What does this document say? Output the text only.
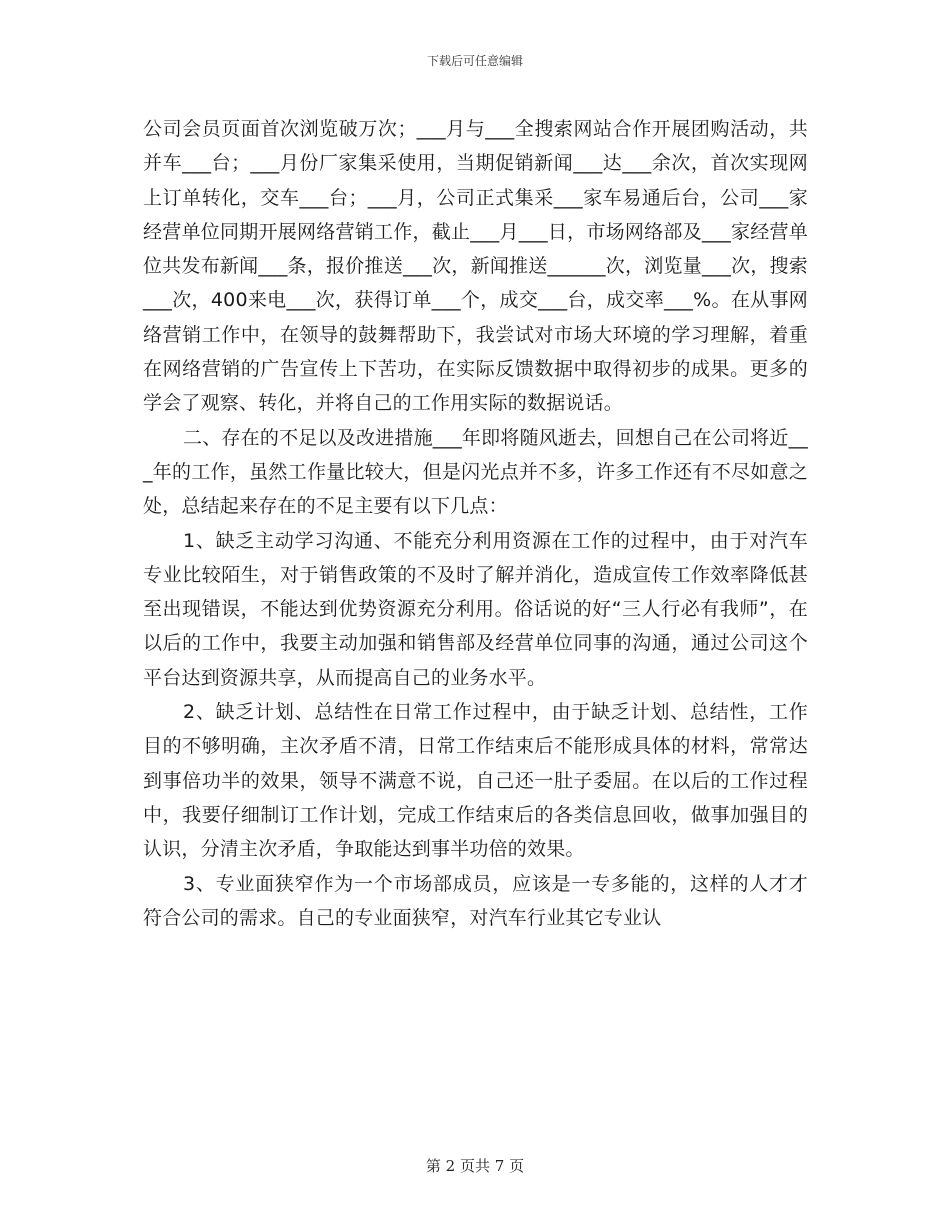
下载后可任意编辑

公司会员页面首次浏览破万次；___月与___全搜索网站合作开展团购活动，共并车___台；___月份厂家集采使用，当期促销新闻___达___余次，首次实现网上订单转化，交车___台；___月，公司正式集采___家车易通后台，公司___家经营单位同期开展网络营销工作，截止___月___日，市场网络部及___家经营单位共发布新闻___条，报价推送___次，新闻推送______次，浏览量___次，搜索___次，400来电___次，获得订单___个，成交___台，成交率___%。在从事网络营销工作中，在领导的鼓舞帮助下，我尝试对市场大环境的学习理解，着重在网络营销的广告宣传上下苦功，在实际反馈数据中取得初步的成果。更多的学会了观察、转化，并将自己的工作用实际的数据说话。

二、存在的不足以及改进措施___年即将随风逝去，回想自己在公司将近___年的工作，虽然工作量比较大，但是闪光点并不多，许多工作还有不尽如意之处，总结起来存在的不足主要有以下几点：

1、缺乏主动学习沟通、不能充分利用资源在工作的过程中，由于对汽车专业比较陌生，对于销售政策的不及时了解并消化，造成宣传工作效率降低甚至出现错误，不能达到优势资源充分利用。俗话说的好“三人行必有我师”，在以后的工作中，我要主动加强和销售部及经营单位同事的沟通，通过公司这个平台达到资源共享，从而提高自己的业务水平。

2、缺乏计划、总结性在日常工作过程中，由于缺乏计划、总结性，工作目的不够明确，主次矛盾不清，日常工作结束后不能形成具体的材料，常常达到事倍功半的效果，领导不满意不说，自己还一肚子委屈。在以后的工作过程中，我要仔细制订工作计划，完成工作结束后的各类信息回收，做事加强目的认识，分清主次矛盾，争取能达到事半功倍的效果。

3、专业面狭窄作为一个市场部成员，应该是一专多能的，这样的人才才符合公司的需求。自己的专业面狭窄，对汽车行业其它专业认

第 2 页共 7 页
